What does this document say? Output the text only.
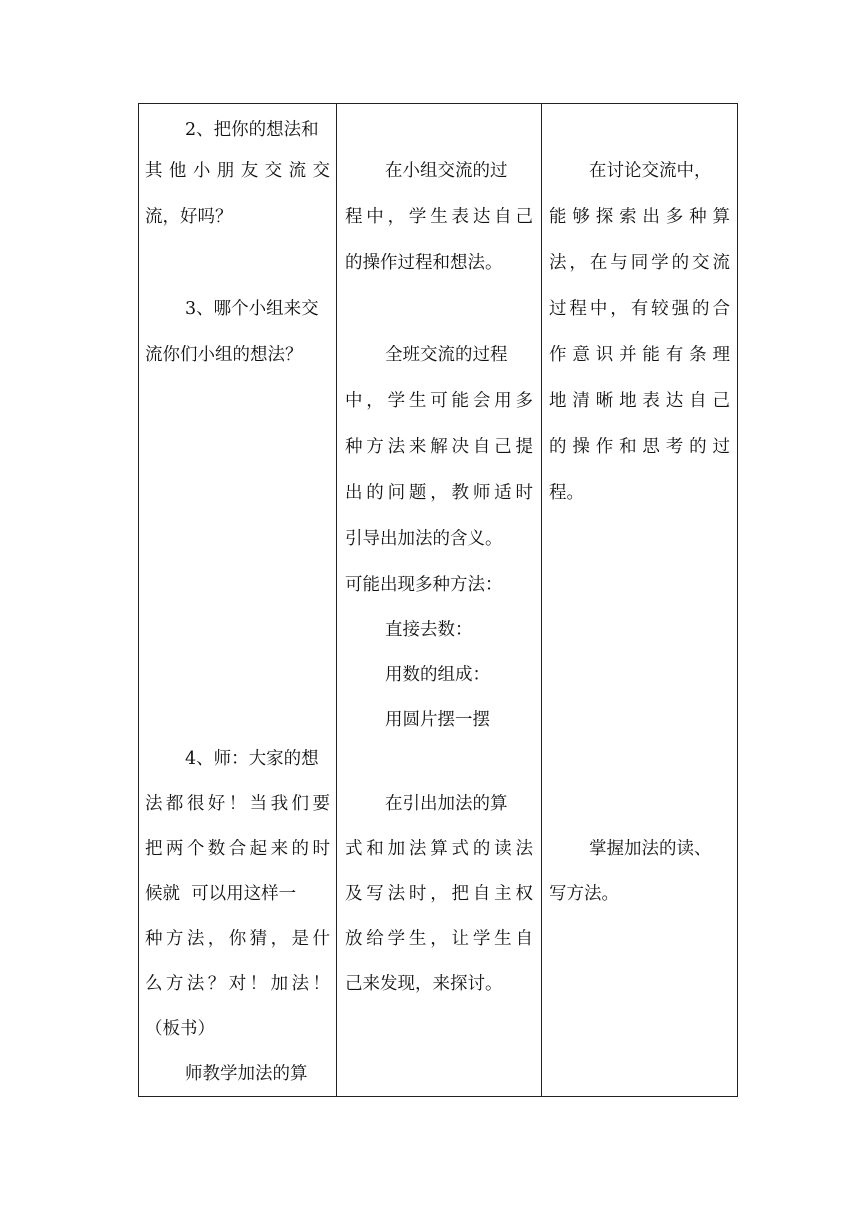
2、把你的想法和
其他小朋友交流交
流，好吗？
3、哪个小组来交
流你们小组的想法？
4、师：大家的想
法都很好！当我们要
把两个数合起来的时
候就  可以用这样一
种方法，你猜，是什
么方法？对！加法！
（板书）
师教学加法的算
在小组交流的过
程中，学生表达自己
的操作过程和想法。
全班交流的过程
中，学生可能会用多
种方法来解决自己提
出的问题，教师适时
引导出加法的含义。
可能出现多种方法：
直接去数：
用数的组成：
用圆片摆一摆
在引出加法的算
式和加法算式的读法
及写法时，把自主权
放给学生，让学生自
己来发现，来探讨。
在讨论交流中，
能够探索出多种算
法，在与同学的交流
过程中，有较强的合
作意识并能有条理
地清晰地表达自己
的操作和思考的过
程。
掌握加法的读、
写方法。
